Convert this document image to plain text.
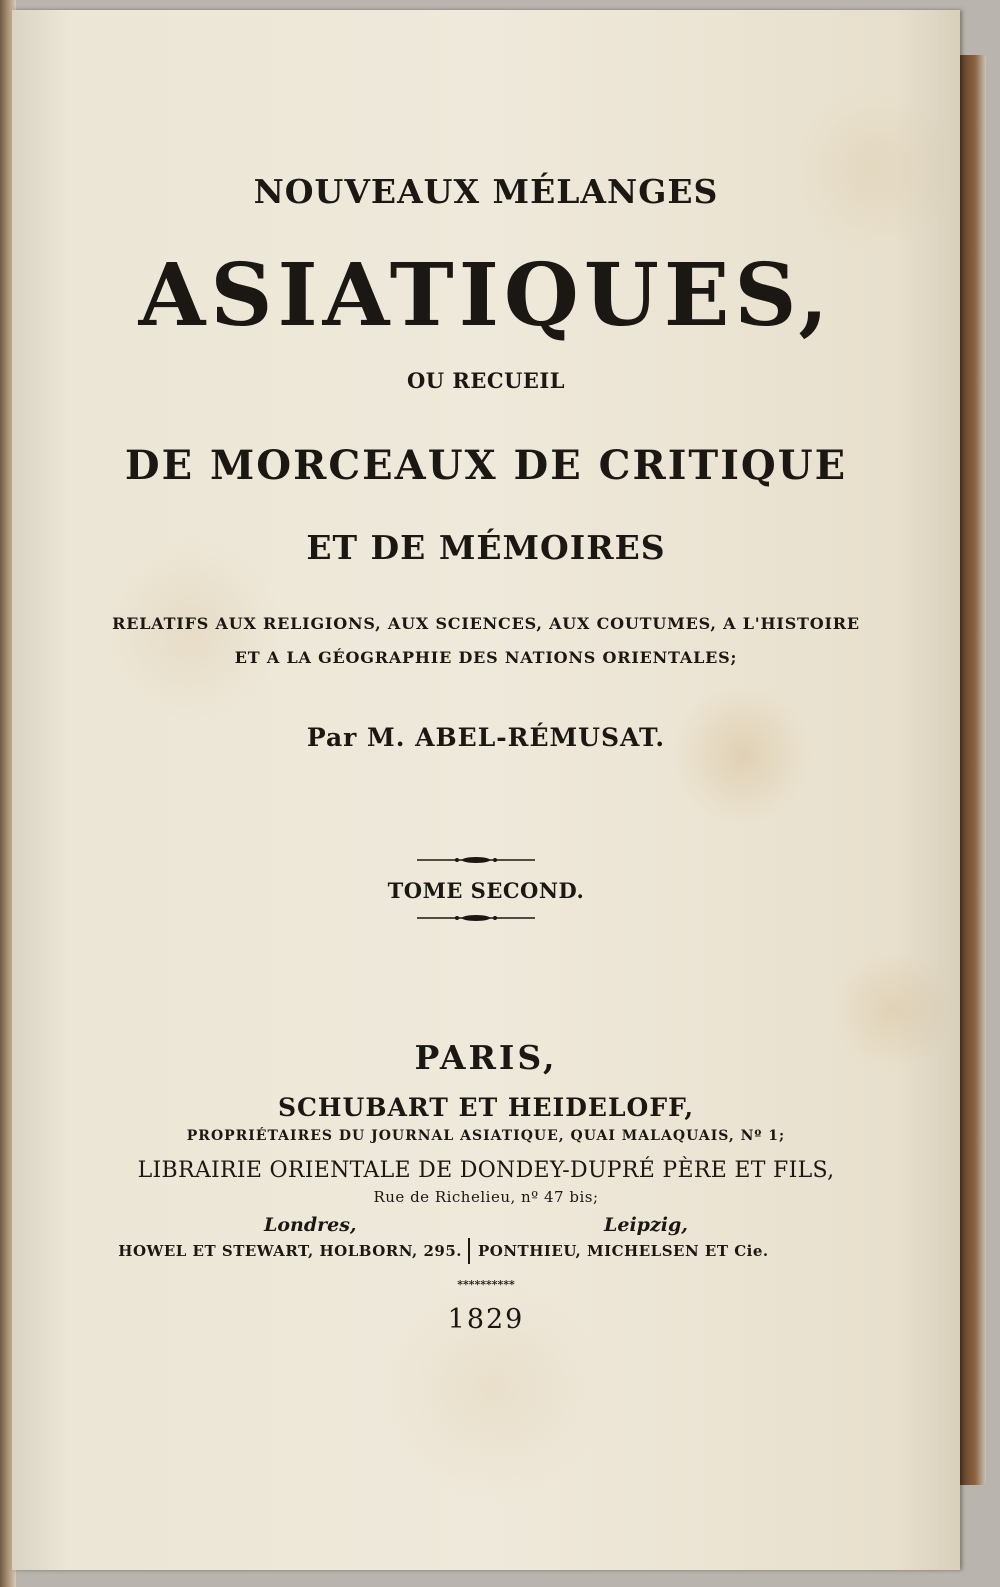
NOUVEAUX MÉLANGES
ASIATIQUES,
OU RECUEIL
DE MORCEAUX DE CRITIQUE
ET DE MÉMOIRES
RELATIFS AUX RELIGIONS, AUX SCIENCES, AUX COUTUMES, A L'HISTOIRE
ET A LA GÉOGRAPHIE DES NATIONS ORIENTALES;
Par M. ABEL-RÉMUSAT.
TOME SECOND.
PARIS,
SCHUBART ET HEIDELOFF,
PROPRIÉTAIRES DU JOURNAL ASIATIQUE, QUAI MALAQUAIS, Nº 1;
LIBRAIRIE ORIENTALE DE DONDEY-DUPRÉ PÈRE ET FILS,
Rue de Richelieu, nº 47 bis;
Londres,	Leipzig,
HOWEL ET STEWART, HOLBORN, 295. PONTHIEU, MICHELSEN ET Cie.
**********
1829
